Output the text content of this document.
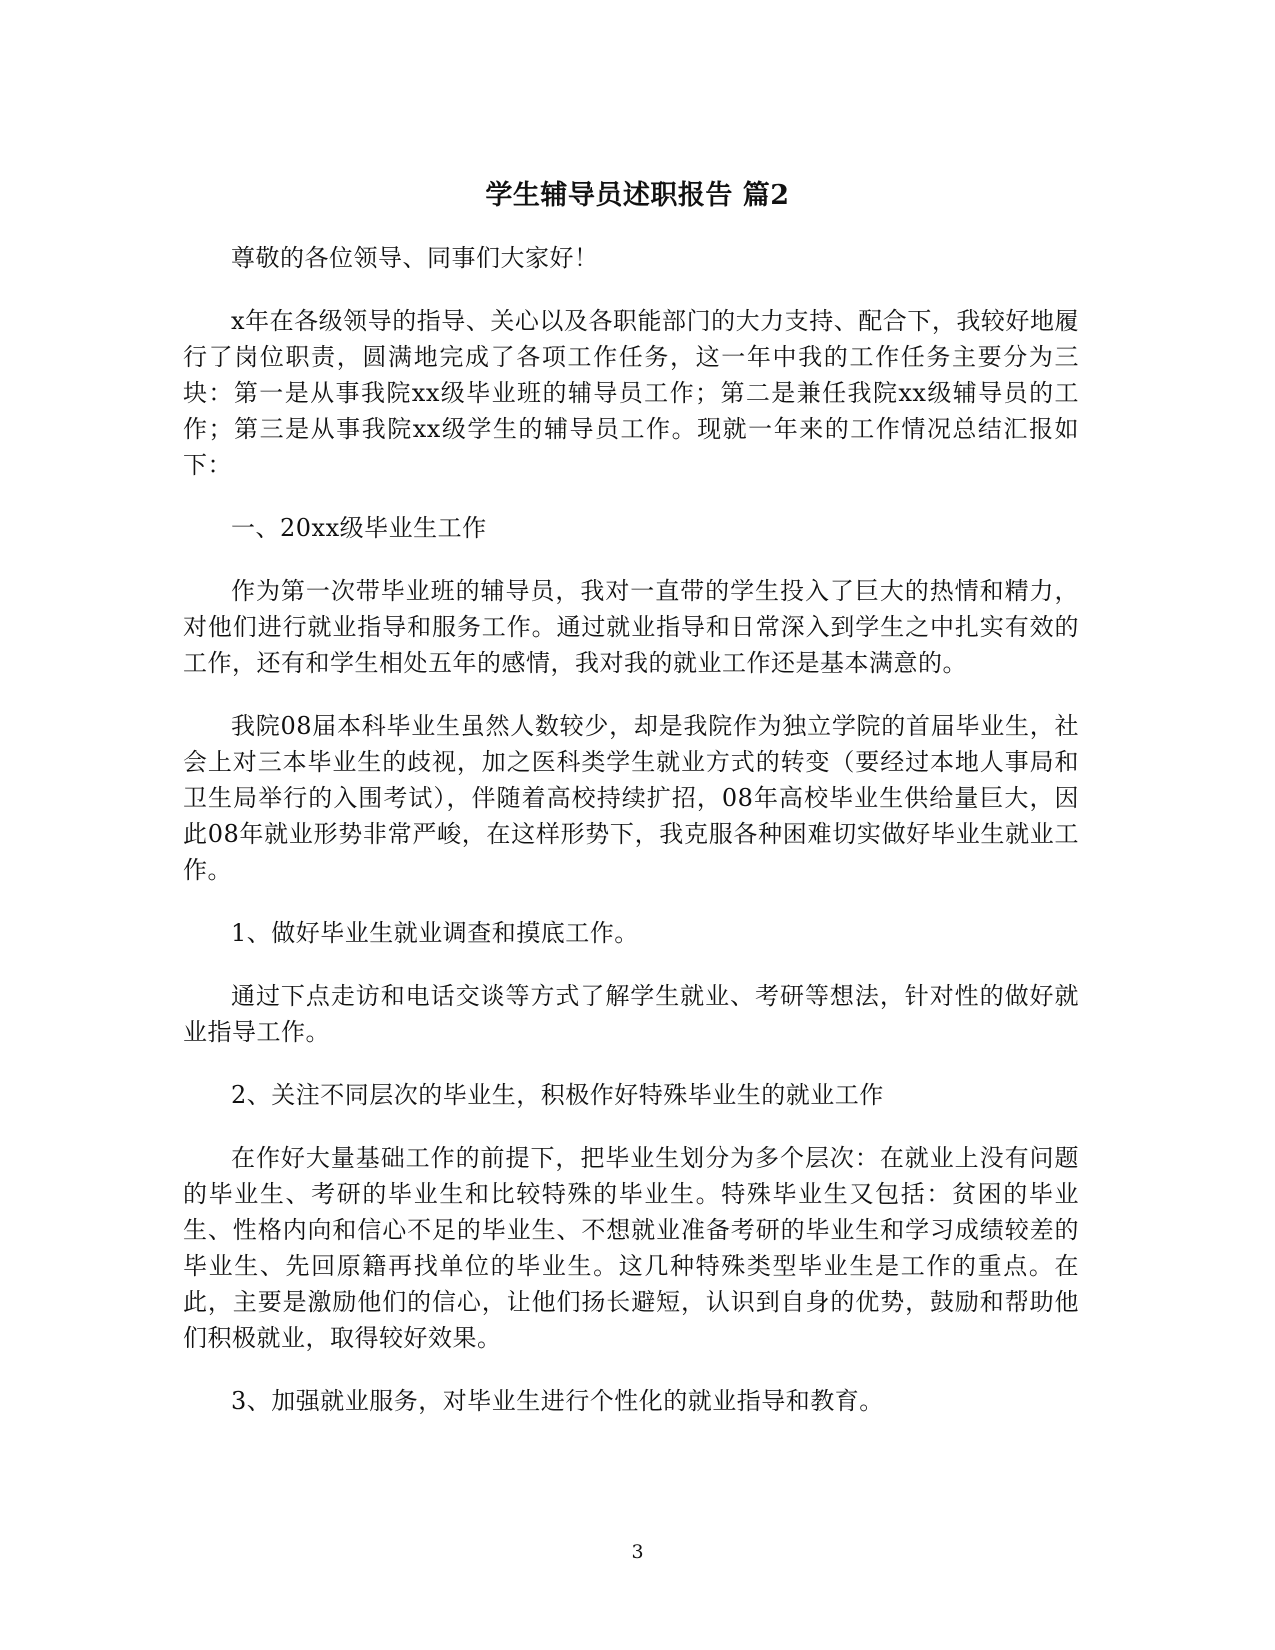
学生辅导员述职报告 篇2

尊敬的各位领导、同事们大家好！

x年在各级领导的指导、关心以及各职能部门的大力支持、配合下，我较好地履行了岗位职责，圆满地完成了各项工作任务，这一年中我的工作任务主要分为三块：第一是从事我院xx级毕业班的辅导员工作；第二是兼任我院xx级辅导员的工作；第三是从事我院xx级学生的辅导员工作。现就一年来的工作情况总结汇报如下：

一、20xx级毕业生工作

作为第一次带毕业班的辅导员，我对一直带的学生投入了巨大的热情和精力，对他们进行就业指导和服务工作。通过就业指导和日常深入到学生之中扎实有效的工作，还有和学生相处五年的感情，我对我的就业工作还是基本满意的。

我院08届本科毕业生虽然人数较少，却是我院作为独立学院的首届毕业生，社会上对三本毕业生的歧视，加之医科类学生就业方式的转变（要经过本地人事局和卫生局举行的入围考试），伴随着高校持续扩招，08年高校毕业生供给量巨大，因此08年就业形势非常严峻，在这样形势下，我克服各种困难切实做好毕业生就业工作。

1、做好毕业生就业调查和摸底工作。

通过下点走访和电话交谈等方式了解学生就业、考研等想法，针对性的做好就业指导工作。

2、关注不同层次的毕业生，积极作好特殊毕业生的就业工作

在作好大量基础工作的前提下，把毕业生划分为多个层次：在就业上没有问题的毕业生、考研的毕业生和比较特殊的毕业生。特殊毕业生又包括：贫困的毕业生、性格内向和信心不足的毕业生、不想就业准备考研的毕业生和学习成绩较差的毕业生、先回原籍再找单位的毕业生。这几种特殊类型毕业生是工作的重点。在此，主要是激励他们的信心，让他们扬长避短，认识到自身的优势，鼓励和帮助他们积极就业，取得较好效果。

3、加强就业服务，对毕业生进行个性化的就业指导和教育。

3
